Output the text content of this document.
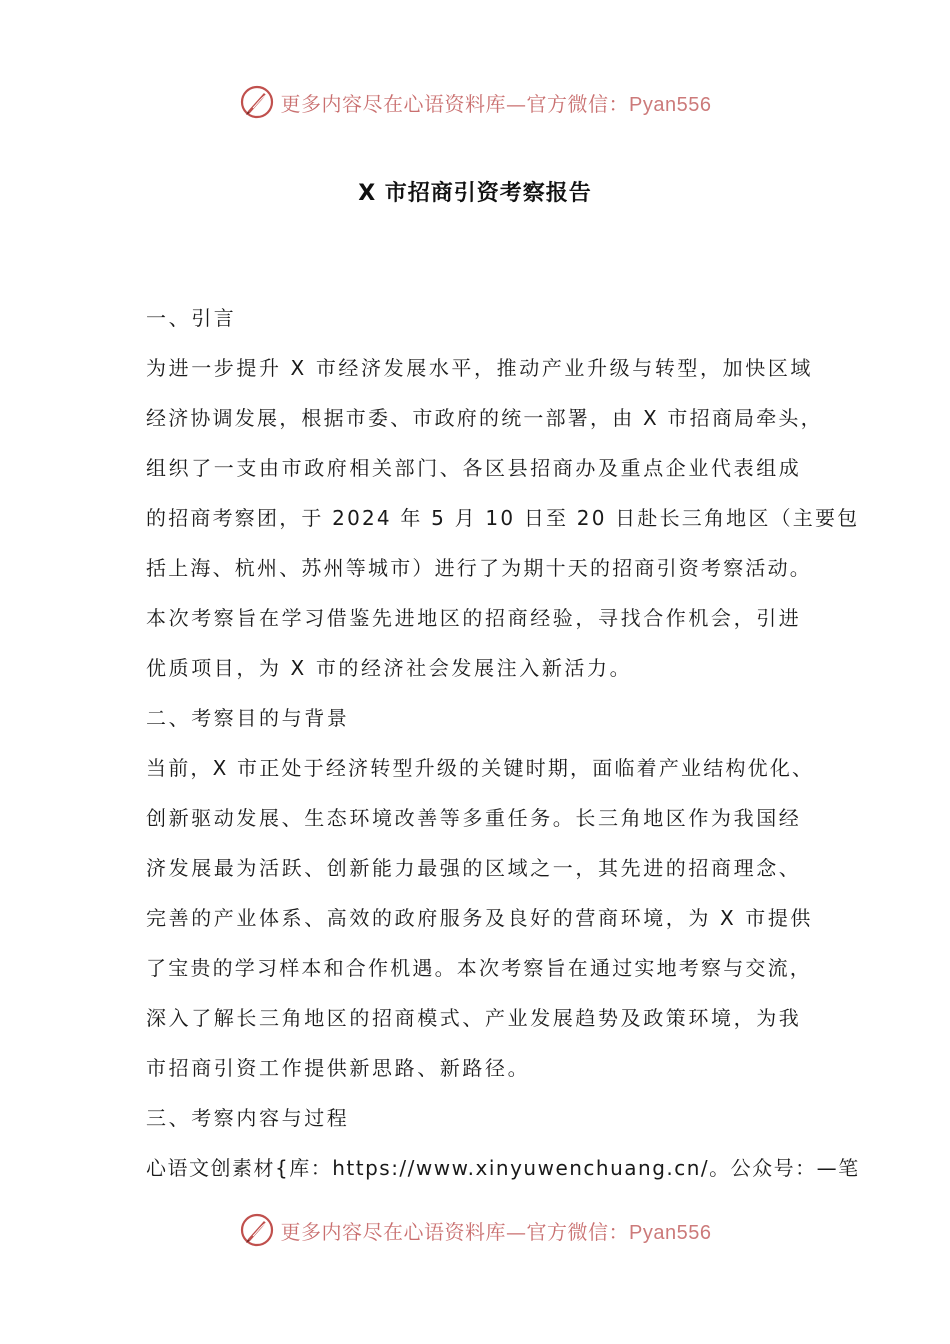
更多内容尽在心语资料库—官方微信：Pyan556
X 市招商引资考察报告
一、引言
为进一步提升 X 市经济发展水平，推动产业升级与转型，加快区域
经济协调发展，根据市委、市政府的统一部署，由 X 市招商局牵头，
组织了一支由市政府相关部门、各区县招商办及重点企业代表组成
的招商考察团，于 2024 年 5 月 10 日至 20 日赴长三角地区（主要包
括上海、杭州、苏州等城市）进行了为期十天的招商引资考察活动。
本次考察旨在学习借鉴先进地区的招商经验，寻找合作机会，引进
优质项目，为 X 市的经济社会发展注入新活力。
二、考察目的与背景
当前，X 市正处于经济转型升级的关键时期，面临着产业结构优化、
创新驱动发展、生态环境改善等多重任务。长三角地区作为我国经
济发展最为活跃、创新能力最强的区域之一，其先进的招商理念、
完善的产业体系、高效的政府服务及良好的营商环境，为 X 市提供
了宝贵的学习样本和合作机遇。本次考察旨在通过实地考察与交流，
深入了解长三角地区的招商模式、产业发展趋势及政策环境，为我
市招商引资工作提供新思路、新路径。
三、考察内容与过程
心语文创素材{库：https://www.xinyuwenchuang.cn/。公众号：—笔
更多内容尽在心语资料库—官方微信：Pyan556
